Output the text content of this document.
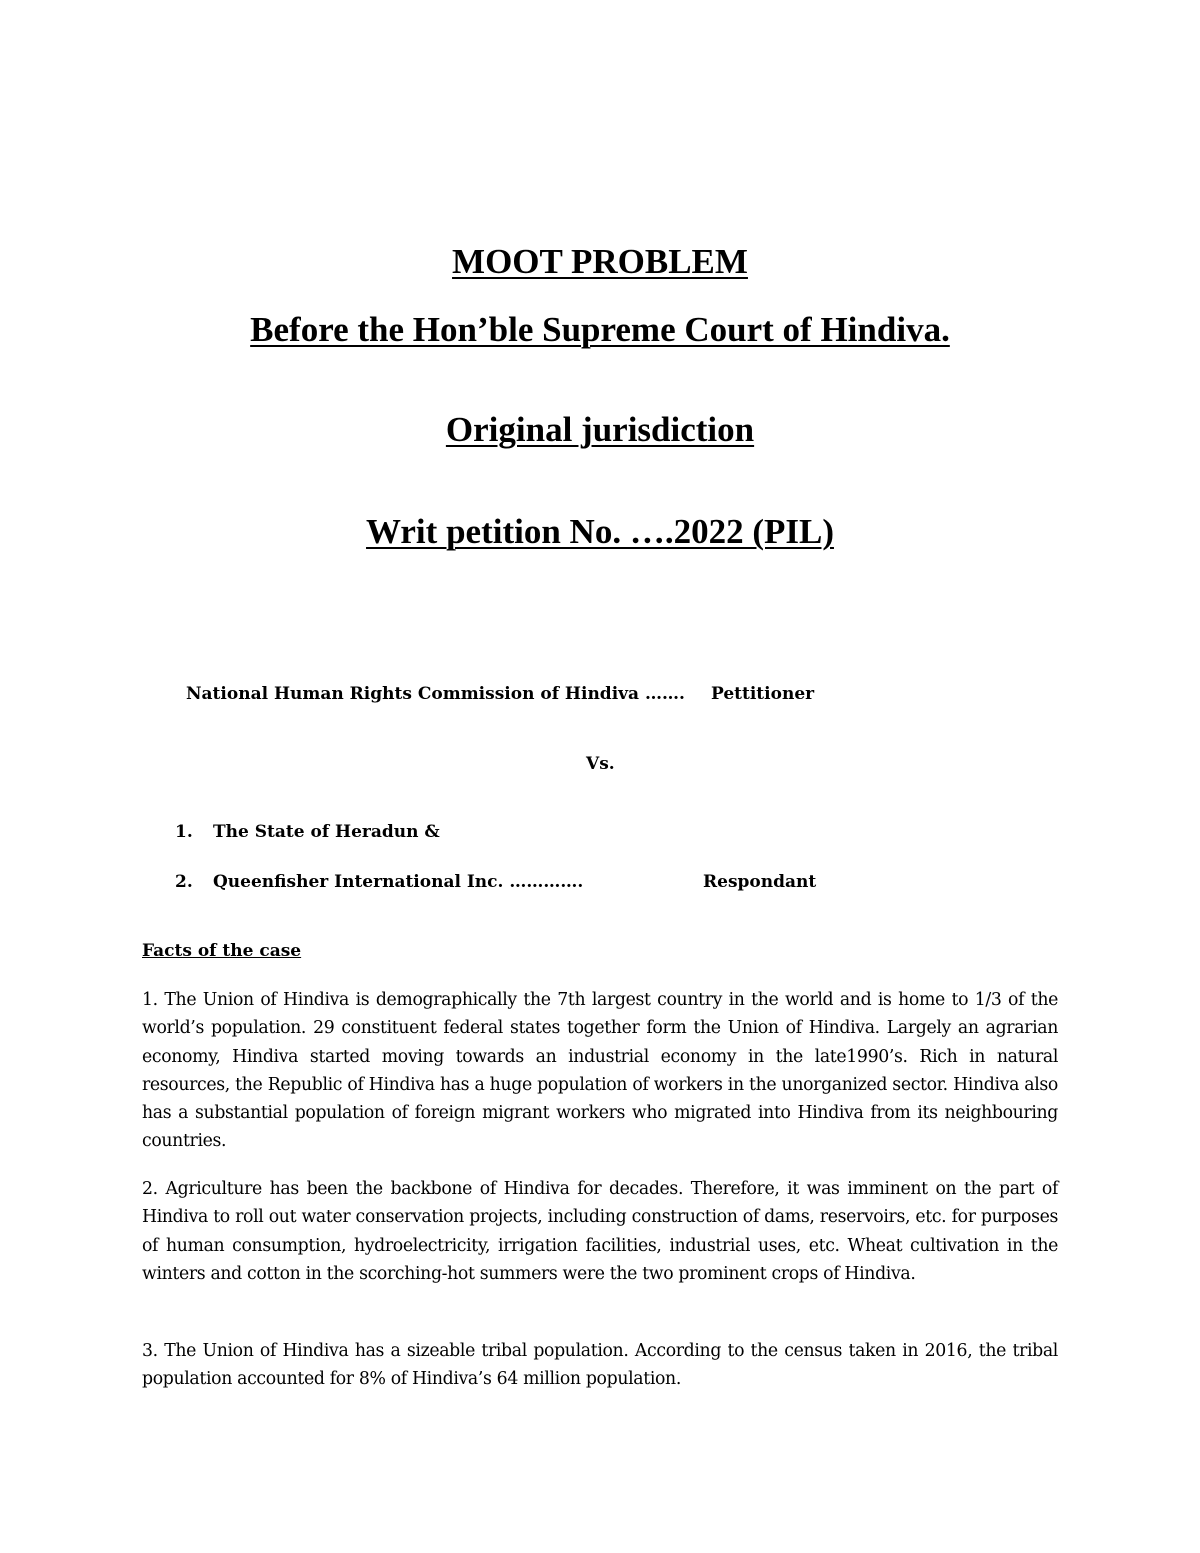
MOOT PROBLEM
Before the Hon’ble Supreme Court of Hindiva.
Original jurisdiction
Writ petition No. ….2022 (PIL)
National Human Rights Commission of Hindiva ……. Pettitioner
Vs.
1. The State of Heradun &
2. Queenfisher International Inc. ………….	Respondant
Facts of the case

1. The Union of Hindiva is demographically the 7th largest country in the world and is home to 1/3 of the world’s population. 29 constituent federal states together form the Union of Hindiva. Largely an agrarian economy, Hindiva started moving towards an industrial economy in the late1990’s. Rich in natural resources, the Republic of Hindiva has a huge population of workers in the unorganized sector. Hindiva also has a substantial population of foreign migrant workers who migrated into Hindiva from its neighbouring countries.

2. Agriculture has been the backbone of Hindiva for decades. Therefore, it was imminent on the part of Hindiva to roll out water conservation projects, including construction of dams, reservoirs, etc. for purposes of human consumption, hydroelectricity, irrigation facilities, industrial uses, etc. Wheat cultivation in the winters and cotton in the scorching-hot summers were the two prominent crops of Hindiva.

3. The Union of Hindiva has a sizeable tribal population. According to the census taken in 2016, the tribal population accounted for 8% of Hindiva’s 64 million population.
